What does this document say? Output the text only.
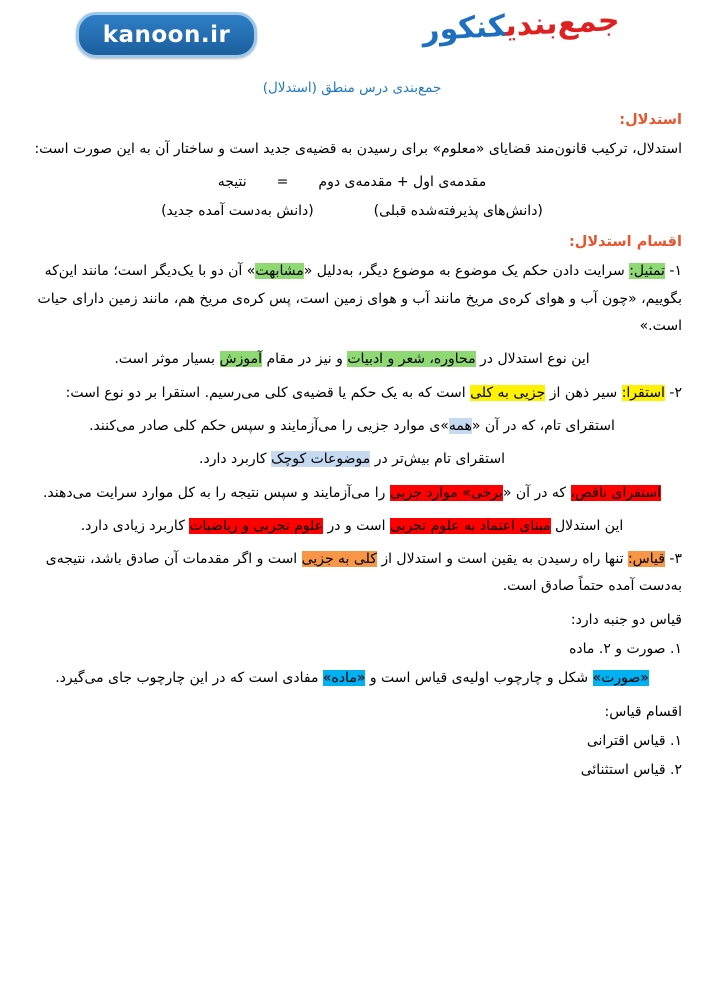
kanoon.ir	جمع‌بندیکنکور
جمع‌بندی درس منطق (استدلال)
استدلال:

استدلال، ترکیب قانون‌مند قضایای «معلوم» برای رسیدن به قضیه‌ی جدید است و ساختار آن به این صورت است:

مقدمه‌ی اول + مقدمه‌ی دوم=نتیجه
(دانش‌های پذیرفته‌شده قبلی)(دانش به‌دست آمده جدید)
اقسام استدلال:

۱- تمثیل: سرایت دادن حکم یک موضوع به موضوع دیگر، به‌دلیل «مشابهت» آن دو با یک‌دیگر است؛ مانند این‌که بگوییم، «چون آب و هوای کره‌ی مریخ مانند آب و هوای زمین است، پس کره‌ی مریخ هم، مانند زمین دارای حیات است.»

این نوع استدلال در محاوره، شعر و ادبیات و نیز در مقام آموزش بسیار موثر است.

۲- استقرا: سیر ذهن از جزیی به کلی است که به یک حکم یا قضیه‌ی کلی می‌رسیم. استقرا بر دو نوع است:

استقرای تام، که در آن «همه»ی موارد جزیی را می‌آزمایند و سپس حکم کلی صادر می‌کنند.

استقرای تام بیش‌تر در موضوعات کوچک کاربرد دارد.

استقرای ناقص، که در آن «برخی» موارد جزیی را می‌آزمایند و سپس نتیجه را به کل موارد سرایت می‌دهند.

این استدلال مبنای اعتماد به علوم تجربی است و در علوم تجربی و ریاضیات کاربرد زیادی دارد.

۳- قیاس: تنها راه رسیدن به یقین است و استدلال از کلی به جزیی است و اگر مقدمات آن صادق باشد، نتیجه‌ی به‌دست آمده حتماً صادق است.

قیاس دو جنبه دارد:

۱. صورت و ۲. ماده

«صورت» شکل و چارچوب اولیه‌ی قیاس است و «ماده» مفادی است که در این چارچوب جای می‌گیرد.

اقسام قیاس:

۱. قیاس اقترانی

۲. قیاس استثنائی
